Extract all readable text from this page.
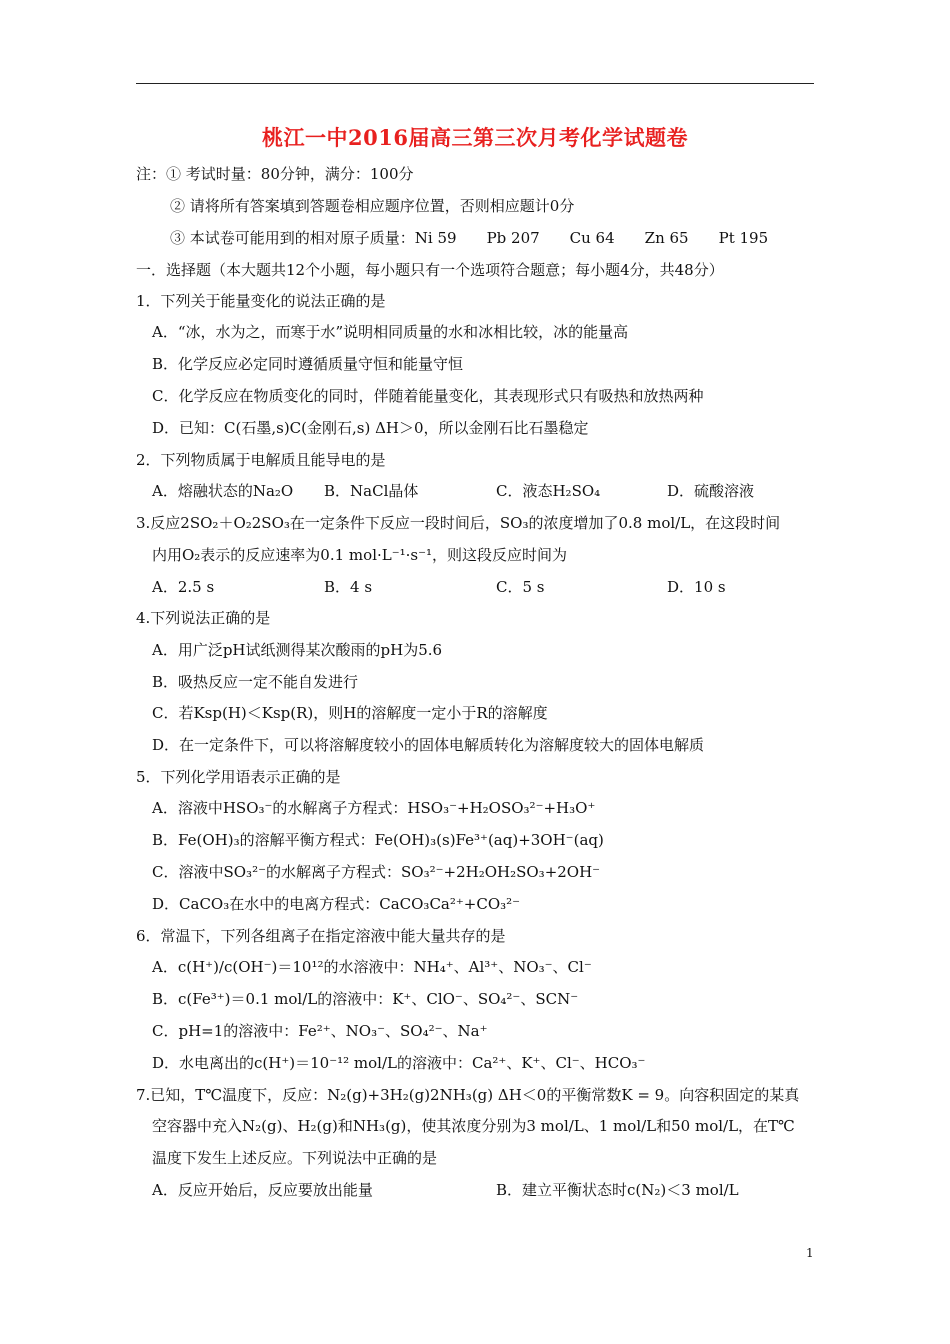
桃江一中2016届高三第三次月考化学试题卷
注：① 考试时量：80分钟，满分：100分
② 请将所有答案填到答题卷相应题序位置，否则相应题计0分
③ 本试卷可能用到的相对原子质量：Ni 59 Pb 207 Cu 64 Zn 65 Pt 195
一．选择题（本大题共12个小题，每小题只有一个选项符合题意；每小题4分，共48分）
1．下列关于能量变化的说法正确的是
A．“冰，水为之，而寒于水”说明相同质量的水和冰相比较，冰的能量高
B．化学反应必定同时遵循质量守恒和能量守恒
C．化学反应在物质变化的同时，伴随着能量变化，其表现形式只有吸热和放热两种
D．已知：C(石墨,s)C(金刚石,s) ΔH＞0，所以金刚石比石墨稳定
2．下列物质属于电解质且能导电的是
A．熔融状态的Na₂O B．NaCl晶体	C．液态H₂SO₄	D．硫酸溶液
3.反应2SO₂＋O₂2SO₃在一定条件下反应一段时间后，SO₃的浓度增加了0.8 mol/L，在这段时间
内用O₂表示的反应速率为0.1 mol·L⁻¹·s⁻¹，则这段反应时间为
A．2.5 s	B．4 s	C．5 s	D．10 s
4.下列说法正确的是
A．用广泛pH试纸测得某次酸雨的pH为5.6
B．吸热反应一定不能自发进行
C．若Ksp(H)＜Ksp(R)，则H的溶解度一定小于R的溶解度
D．在一定条件下，可以将溶解度较小的固体电解质转化为溶解度较大的固体电解质
5．下列化学用语表示正确的是
A．溶液中HSO₃⁻的水解离子方程式：HSO₃⁻+H₂OSO₃²⁻+H₃O⁺
B．Fe(OH)₃的溶解平衡方程式：Fe(OH)₃(s)Fe³⁺(aq)+3OH⁻(aq)
C．溶液中SO₃²⁻的水解离子方程式：SO₃²⁻+2H₂OH₂SO₃+2OH⁻
D．CaCO₃在水中的电离方程式：CaCO₃Ca²⁺+CO₃²⁻
6．常温下，下列各组离子在指定溶液中能大量共存的是
A．c(H⁺)/c(OH⁻)＝10¹²的水溶液中：NH₄⁺、Al³⁺、NO₃⁻、Cl⁻
B．c(Fe³⁺)＝0.1 mol/L的溶液中：K⁺、ClO⁻、SO₄²⁻、SCN⁻
C．pH=1的溶液中：Fe²⁺、NO₃⁻、SO₄²⁻、Na⁺
D．水电离出的c(H⁺)＝10⁻¹² mol/L的溶液中：Ca²⁺、K⁺、Cl⁻、HCO₃⁻
7.已知，T℃温度下，反应：N₂(g)+3H₂(g)2NH₃(g) ΔH＜0的平衡常数K = 9。向容积固定的某真
空容器中充入N₂(g)、H₂(g)和NH₃(g)，使其浓度分别为3 mol/L、1 mol/L和50 mol/L，在T℃
温度下发生上述反应。下列说法中正确的是
A．反应开始后，反应要放出能量	B．建立平衡状态时c(N₂)＜3 mol/L
1
